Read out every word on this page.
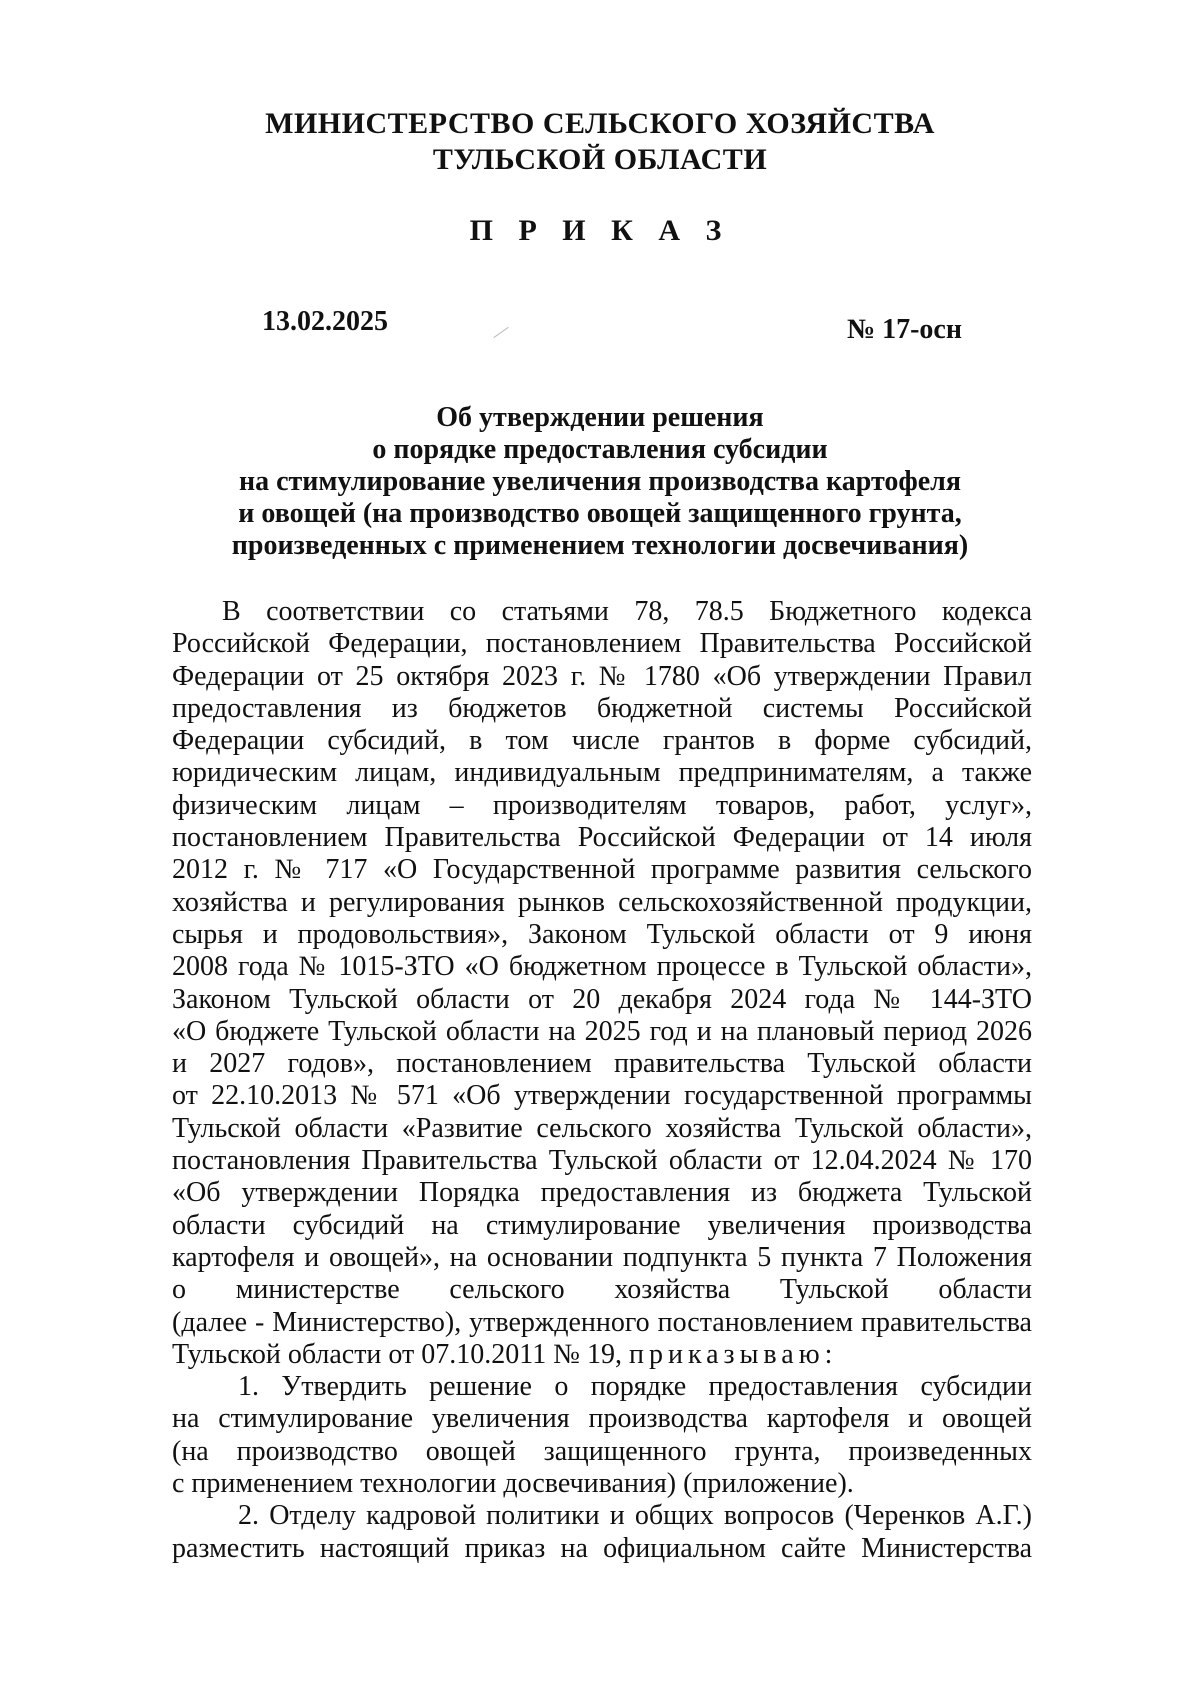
МИНИСТЕРСТВО СЕЛЬСКОГО ХОЗЯЙСТВА
ТУЛЬСКОЙ ОБЛАСТИ
П Р И К А З
13.02.2025	№ 17-осн
Об утверждении решения
о порядке предоставления субсидии
на стимулирование увеличения производства картофеля
и овощей (на производство овощей защищенного грунта,
произведенных с применением технологии досвечивания)
В соответствии со статьями 78, 78.5 Бюджетного кодекса
Российской Федерации, постановлением Правительства Российской
Федерации от 25 октября 2023 г. № 1780 «Об утверждении Правил
предоставления из бюджетов бюджетной системы Российской
Федерации субсидий, в том числе грантов в форме субсидий,
юридическим лицам, индивидуальным предпринимателям, а также
физическим лицам – производителям товаров, работ, услуг»,
постановлением Правительства Российской Федерации от 14 июля
2012 г. № 717 «О Государственной программе развития сельского
хозяйства и регулирования рынков сельскохозяйственной продукции,
сырья и продовольствия», Законом Тульской области от 9 июня
2008 года № 1015-ЗТО «О бюджетном процессе в Тульской области»,
Законом Тульской области от 20 декабря 2024 года № 144-ЗТО
«О бюджете Тульской области на 2025 год и на плановый период 2026
и 2027 годов», постановлением правительства Тульской области
от 22.10.2013 № 571 «Об утверждении государственной программы
Тульской области «Развитие сельского хозяйства Тульской области»,
постановления Правительства Тульской области от 12.04.2024 № 170
«Об утверждении Порядка предоставления из бюджета Тульской
области субсидий на стимулирование увеличения производства
картофеля и овощей», на основании подпункта 5 пункта 7 Положения
о министерстве сельского хозяйства Тульской области
(далее - Министерство), утвержденного постановлением правительства
Тульской области от 07.10.2011 № 19, приказываю:
1. Утвердить решение о порядке предоставления субсидии
на стимулирование увеличения производства картофеля и овощей
(на производство овощей защищенного грунта, произведенных
с применением технологии досвечивания) (приложение).
2. Отделу кадровой политики и общих вопросов (Черенков А.Г.)
разместить настоящий приказ на официальном сайте Министерства
